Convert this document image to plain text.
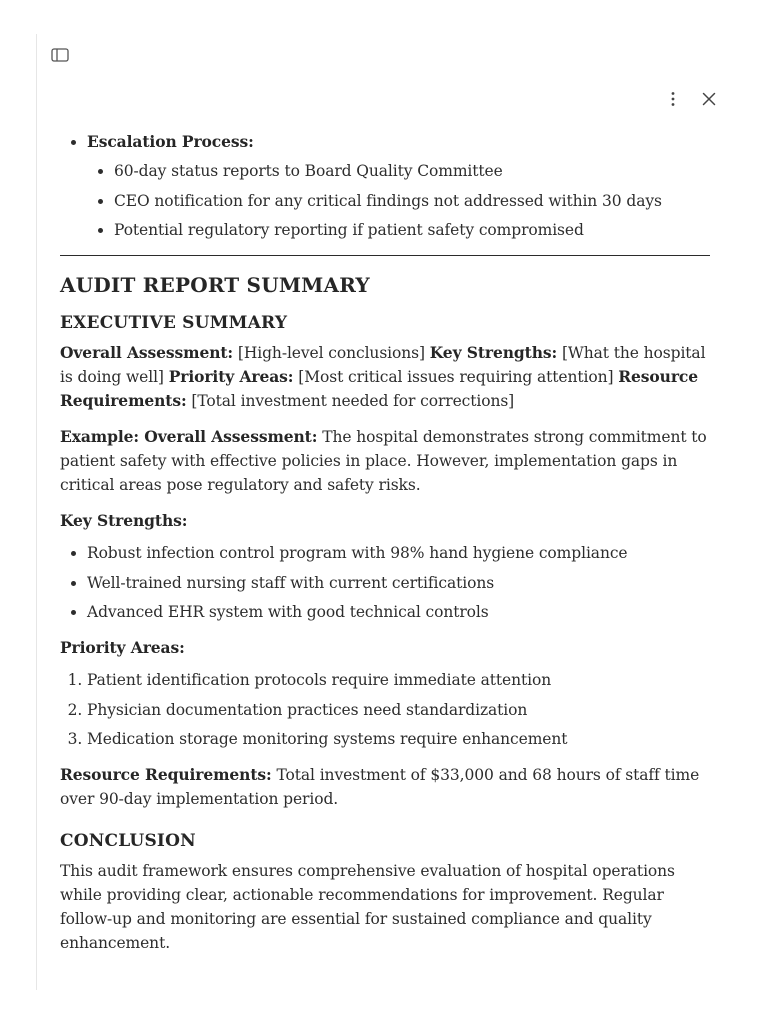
• Escalation Process:
• 60-day status reports to Board Quality Committee
• CEO notification for any critical findings not addressed within 30 days
• Potential regulatory reporting if patient safety compromised
AUDIT REPORT SUMMARY
EXECUTIVE SUMMARY

Overall Assessment: [High-level conclusions] Key Strengths: [What the hospital is doing well] Priority Areas: [Most critical issues requiring attention] Resource Requirements: [Total investment needed for corrections]

Example: Overall Assessment: The hospital demonstrates strong commitment to patient safety with effective policies in place. However, implementation gaps in critical areas pose regulatory and safety risks.

Key Strengths:

• Robust infection control program with 98% hand hygiene compliance
• Well-trained nursing staff with current certifications
• Advanced EHR system with good technical controls

Priority Areas:

1. Patient identification protocols require immediate attention
2. Physician documentation practices need standardization
3. Medication storage monitoring systems require enhancement

Resource Requirements: Total investment of $33,000 and 68 hours of staff time over 90-day implementation period.

CONCLUSION

This audit framework ensures comprehensive evaluation of hospital operations while providing clear, actionable recommendations for improvement. Regular follow-up and monitoring are essential for sustained compliance and quality enhancement.
